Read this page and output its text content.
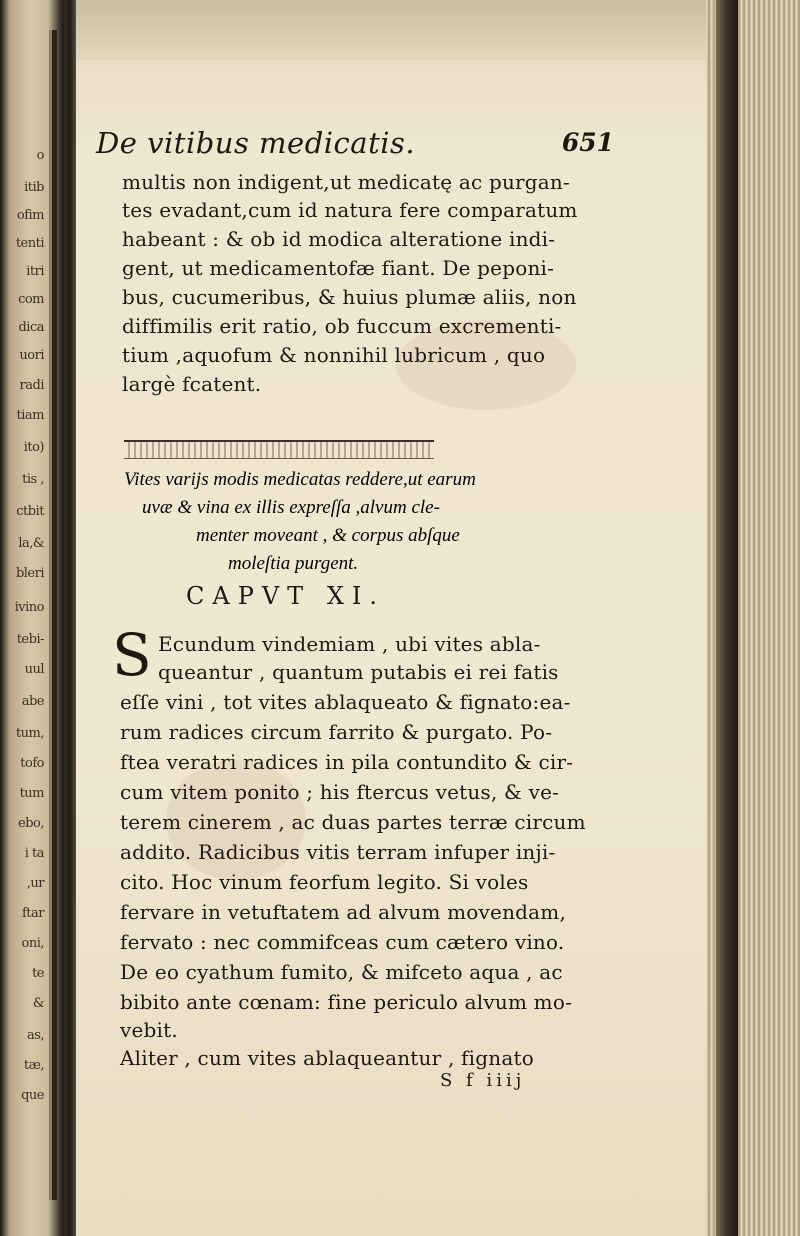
o
itib
ofim
tenti
itri
com
dica
uori
radi
tiam
ito)
tis ,
ctbit
la,&
bleri
ivino
tebi-
uul
abe
tum,
tofo
tum
ebo,
i ta
,ur
ftar
oni,
te
&
as,
tæ,
que
De vitibus medicatis.	651
multis non indigent,ut medicatę ac purgan-
tes evadant,cum id natura fere comparatum
habeant : & ob id modica alteratione indi-
gent, ut medicamentofæ fiant. De peponi-
bus, cucumeribus, & huius plumæ aliis, non
diffimilis erit ratio, ob fuccum excrementi-
tium ,aquofum & nonnihil lubricum , quo
largè fcatent.
Vites varijs modis medicatas reddere,ut earum
uvæ & vina ex illis expreſſa ,alvum cle-
menter moveant , & corpus abſque
moleſtia purgent.
CAPVT XI.
S Ecundum vindemiam , ubi vites abla-
queantur , quantum putabis ei rei fatis
eſſe vini , tot vites ablaqueato & fignato:ea-
rum radices circum farrito & purgato. Po-
ftea veratri radices in pila contundito & cir-
cum vitem ponito ; his ftercus vetus, & ve-
terem cinerem , ac duas partes terræ circum
addito. Radicibus vitis terram infuper inji-
cito. Hoc vinum feorfum legito. Si voles
fervare in vetuftatem ad alvum movendam,
fervato : nec commifceas cum cætero vino.
De eo cyathum fumito, & mifceto aqua , ac
bibito ante cœnam: fine periculo alvum mo-
vebit.
Aliter , cum vites ablaqueantur , fignato
S f iiij
